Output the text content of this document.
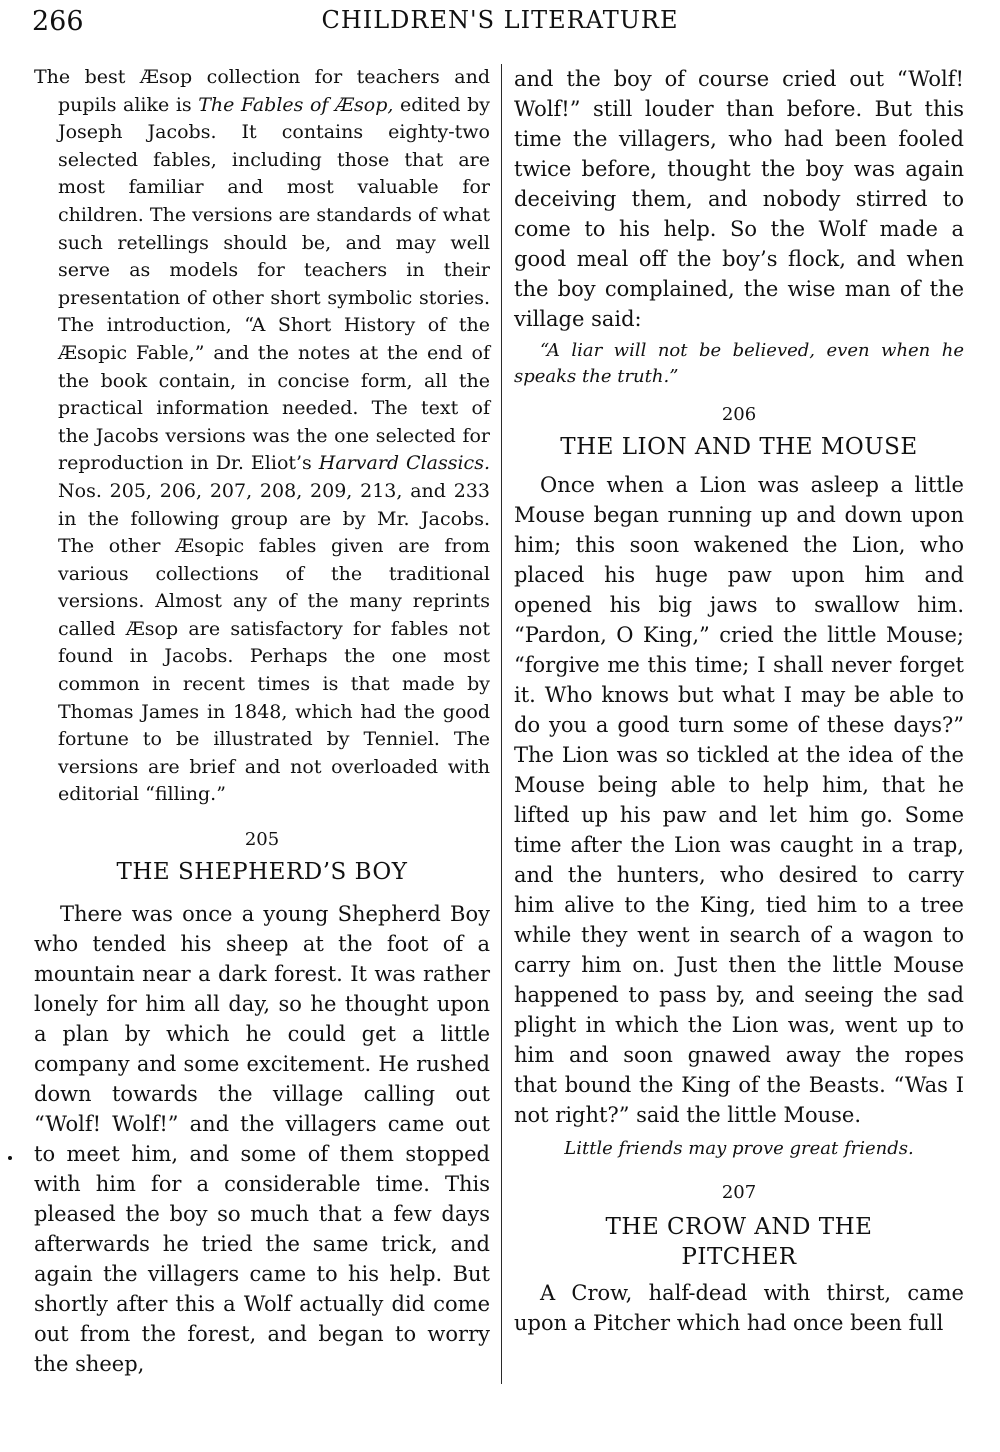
266	CHILDREN'S LITERATURE

The best Æsop collection for teachers and pupils alike is The Fables of Æsop, edited by Joseph Jacobs. It contains eighty-two selected fables, including those that are most familiar and most valuable for children. The versions are standards of what such retellings should be, and may well serve as models for teachers in their presentation of other short symbolic stories. The introduction, “A Short History of the Æsopic Fable,” and the notes at the end of the book contain, in concise form, all the practical information needed. The text of the Jacobs versions was the one selected for reproduction in Dr. Eliot’s Harvard Classics. Nos. 205, 206, 207, 208, 209, 213, and 233 in the following group are by Mr. Jacobs. The other Æsopic fables given are from various collections of the traditional versions. Almost any of the many reprints called Æsop are satisfactory for fables not found in Jacobs. Perhaps the one most common in recent times is that made by Thomas James in 1848, which had the good fortune to be illustrated by Tenniel. The versions are brief and not overloaded with editorial “filling.”

205
THE SHEPHERD’S BOY

There was once a young Shepherd Boy who tended his sheep at the foot of a mountain near a dark forest. It was rather lonely for him all day, so he thought upon a plan by which he could get a little company and some excitement. He rushed down towards the village calling out “Wolf! Wolf!” and the villagers came out to meet him, and some of them stopped with him for a considerable time. This pleased the boy so much that a few days afterwards he tried the same trick, and again the villagers came to his help. But shortly after this a Wolf actually did come out from the forest, and began to worry the sheep,

and the boy of course cried out “Wolf! Wolf!” still louder than before. But this time the villagers, who had been fooled twice before, thought the boy was again deceiving them, and nobody stirred to come to his help. So the Wolf made a good meal off the boy’s flock, and when the boy complained, the wise man of the village said:

“A liar will not be believed, even when he speaks the truth.”

206
THE LION AND THE MOUSE

Once when a Lion was asleep a little Mouse began running up and down upon him; this soon wakened the Lion, who placed his huge paw upon him and opened his big jaws to swallow him. “Pardon, O King,” cried the little Mouse; “forgive me this time; I shall never forget it. Who knows but what I may be able to do you a good turn some of these days?” The Lion was so tickled at the idea of the Mouse being able to help him, that he lifted up his paw and let him go. Some time after the Lion was caught in a trap, and the hunters, who desired to carry him alive to the King, tied him to a tree while they went in search of a wagon to carry him on. Just then the little Mouse happened to pass by, and seeing the sad plight in which the Lion was, went up to him and soon gnawed away the ropes that bound the King of the Beasts. “Was I not right?” said the little Mouse.

Little friends may prove great friends.
207
THE CROW AND THE
PITCHER

A Crow, half-dead with thirst, came upon a Pitcher which had once been full
